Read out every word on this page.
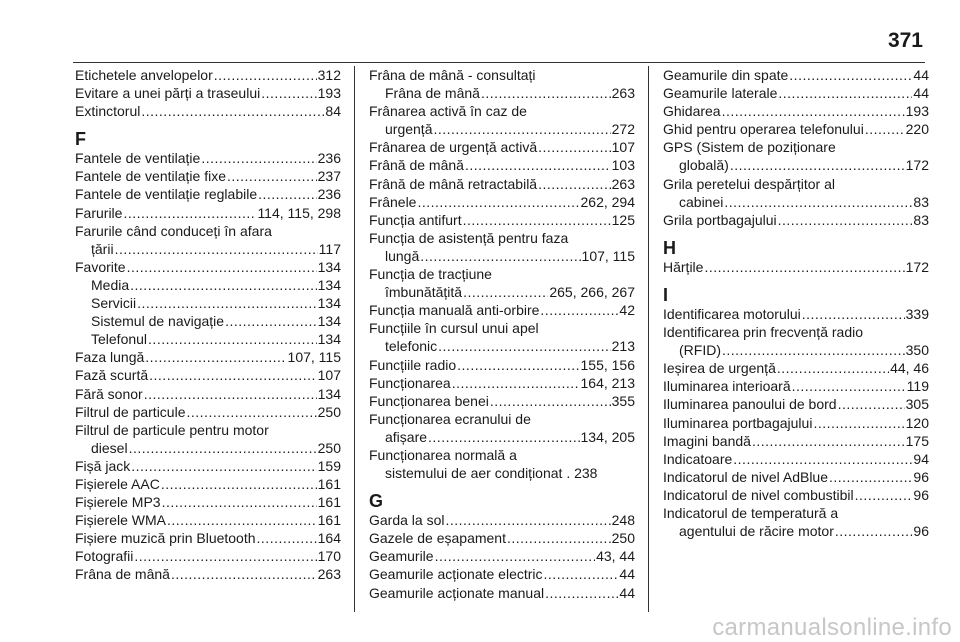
371
Etichetele anvelopelor .....	312
Evitare a unei părți a traseului .....	193
Extinctorul .....	84
F
Fantele de ventilație .....	236
Fantele de ventilație fixe .....	237
Fantele de ventilație reglabile .....	236
Farurile .....	114, 115, 298
Farurile când conduceți în afara
țării .....	117
Favorite .....	134
Media .....	134
Servicii .....	134
Sistemul de navigație .....	134
Telefonul .....	134
Faza lungă .....	107, 115
Fază scurtă .....	107
Fără sonor .....	134
Filtrul de particule .....	250
Filtrul de particule pentru motor
diesel .....	250
Fișă jack .....	159
Fișierele AAC .....	161
Fișierele MP3 .....	161
Fișierele WMA .....	161
Fișiere muzică prin Bluetooth .....	164
Fotografii .....	170
Frâna de mână .....	263
Frâna de mână - consultați
Frâna de mână .....	263
Frânarea activă în caz de
urgență .....	272
Frânarea de urgență activă .....	107
Frână de mână .....	103
Frână de mână retractabilă .....	263
Frânele .....	262, 294
Funcția antifurt .....	125
Funcția de asistență pentru faza
lungă .....	107, 115
Funcția de tracțiune
îmbunătățită .....	265, 266, 267
Funcția manuală anti-orbire .....	42
Funcțiile în cursul unui apel
telefonic .....	213
Funcțiile radio .....	155, 156
Funcționarea .....	164, 213
Funcționarea benei .....	355
Funcționarea ecranului de
afișare .....	134, 205
Funcționarea normală a
sistemului de aer condiționat . 238
G
Garda la sol .....	248
Gazele de eșapament .....	250
Geamurile .....	43, 44
Geamurile acționate electric .....	44
Geamurile acționate manual .....	44
Geamurile din spate .....	44
Geamurile laterale .....	44
Ghidarea .....	193
Ghid pentru operarea telefonului .....	220
GPS (Sistem de poziționare
globală) .....	172
Grila peretelui despărțitor al
cabinei .....	83
Grila portbagajului .....	83
H
Hărțile .....	172
I
Identificarea motorului .....	339
Identificarea prin frecvență radio
(RFID) .....	350
Ieșirea de urgență .....	44, 46
Iluminarea interioară .....	119
Iluminarea panoului de bord .....	305
Iluminarea portbagajului .....	120
Imagini bandă .....	175
Indicatoare .....	94
Indicatorul de nivel AdBlue .....	96
Indicatorul de nivel combustibil .....	96
Indicatorul de temperatură a
agentului de răcire motor .....	96
carmanualsonline.info
